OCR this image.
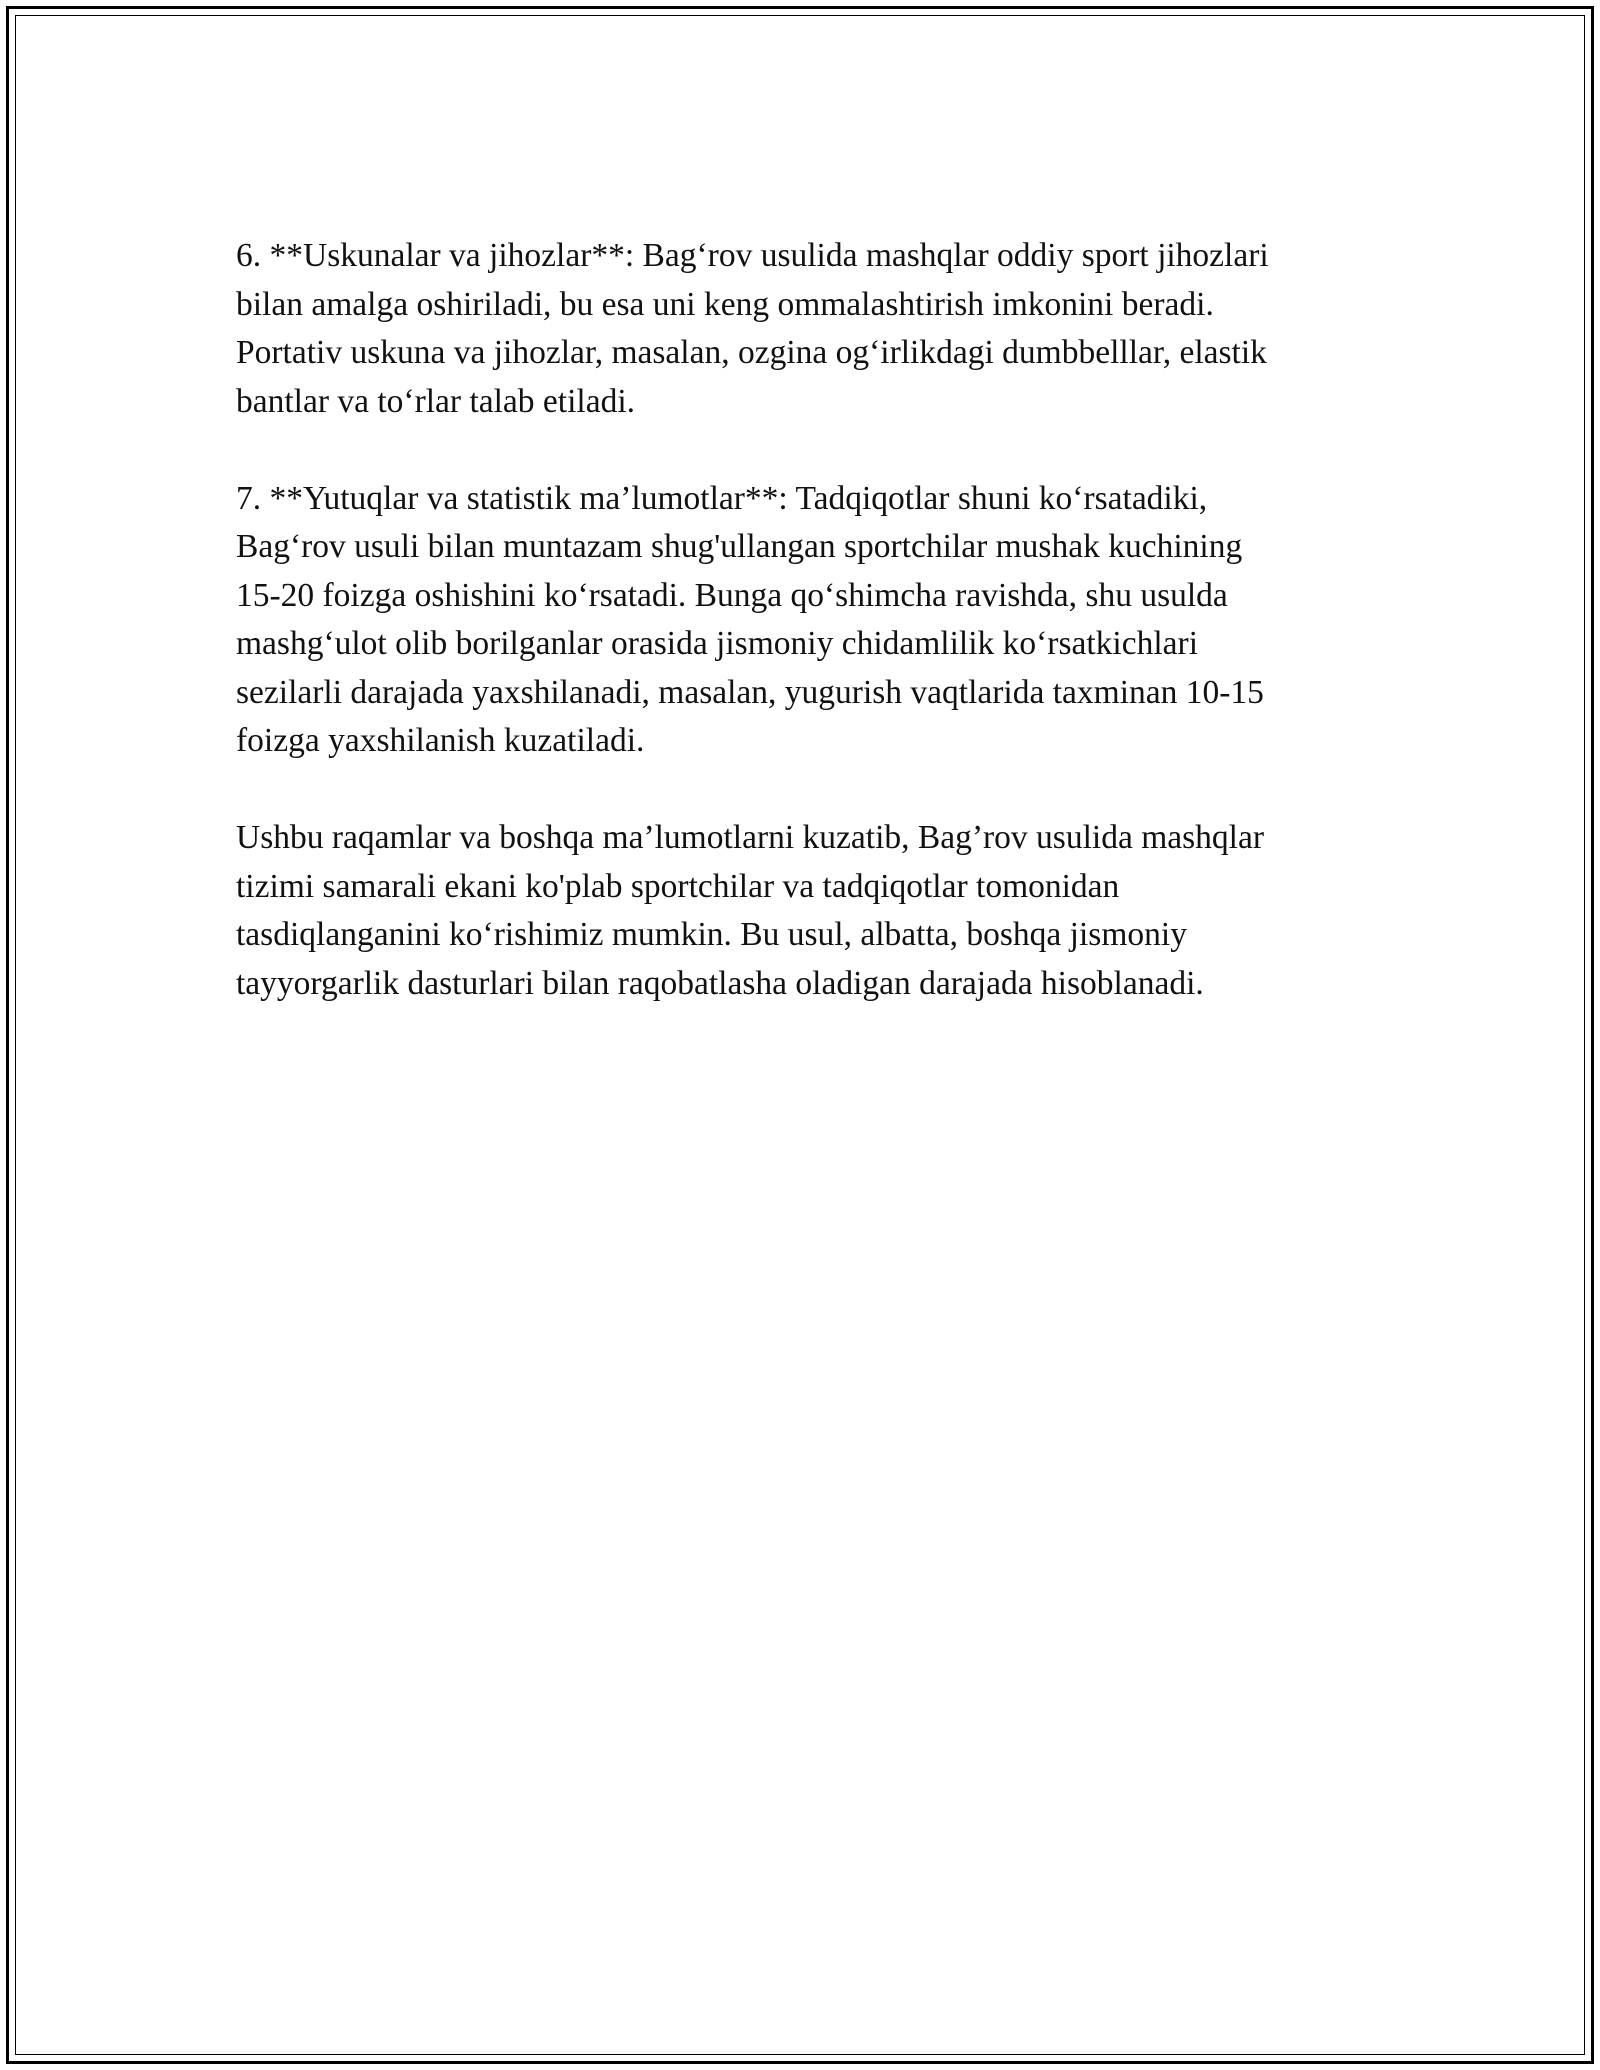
6. **Uskunalar va jihozlar**: Bag‘rov usulida mashqlar oddiy sport jihozlari
bilan amalga oshiriladi, bu esa uni keng ommalashtirish imkonini beradi.
Portativ uskuna va jihozlar, masalan, ozgina og‘irlikdagi dumbbelllar, elastik
bantlar va to‘rlar talab etiladi.

7. **Yutuqlar va statistik ma’lumotlar**: Tadqiqotlar shuni ko‘rsatadiki,
Bag‘rov usuli bilan muntazam shug'ullangan sportchilar mushak kuchining
15-20 foizga oshishini ko‘rsatadi. Bunga qo‘shimcha ravishda, shu usulda
mashg‘ulot olib borilganlar orasida jismoniy chidamlilik ko‘rsatkichlari
sezilarli darajada yaxshilanadi, masalan, yugurish vaqtlarida taxminan 10-15
foizga yaxshilanish kuzatiladi.

Ushbu raqamlar va boshqa ma’lumotlarni kuzatib, Bag’rov usulida mashqlar
tizimi samarali ekani ko'plab sportchilar va tadqiqotlar tomonidan
tasdiqlanganini ko‘rishimiz mumkin. Bu usul, albatta, boshqa jismoniy
tayyorgarlik dasturlari bilan raqobatlasha oladigan darajada hisoblanadi.
